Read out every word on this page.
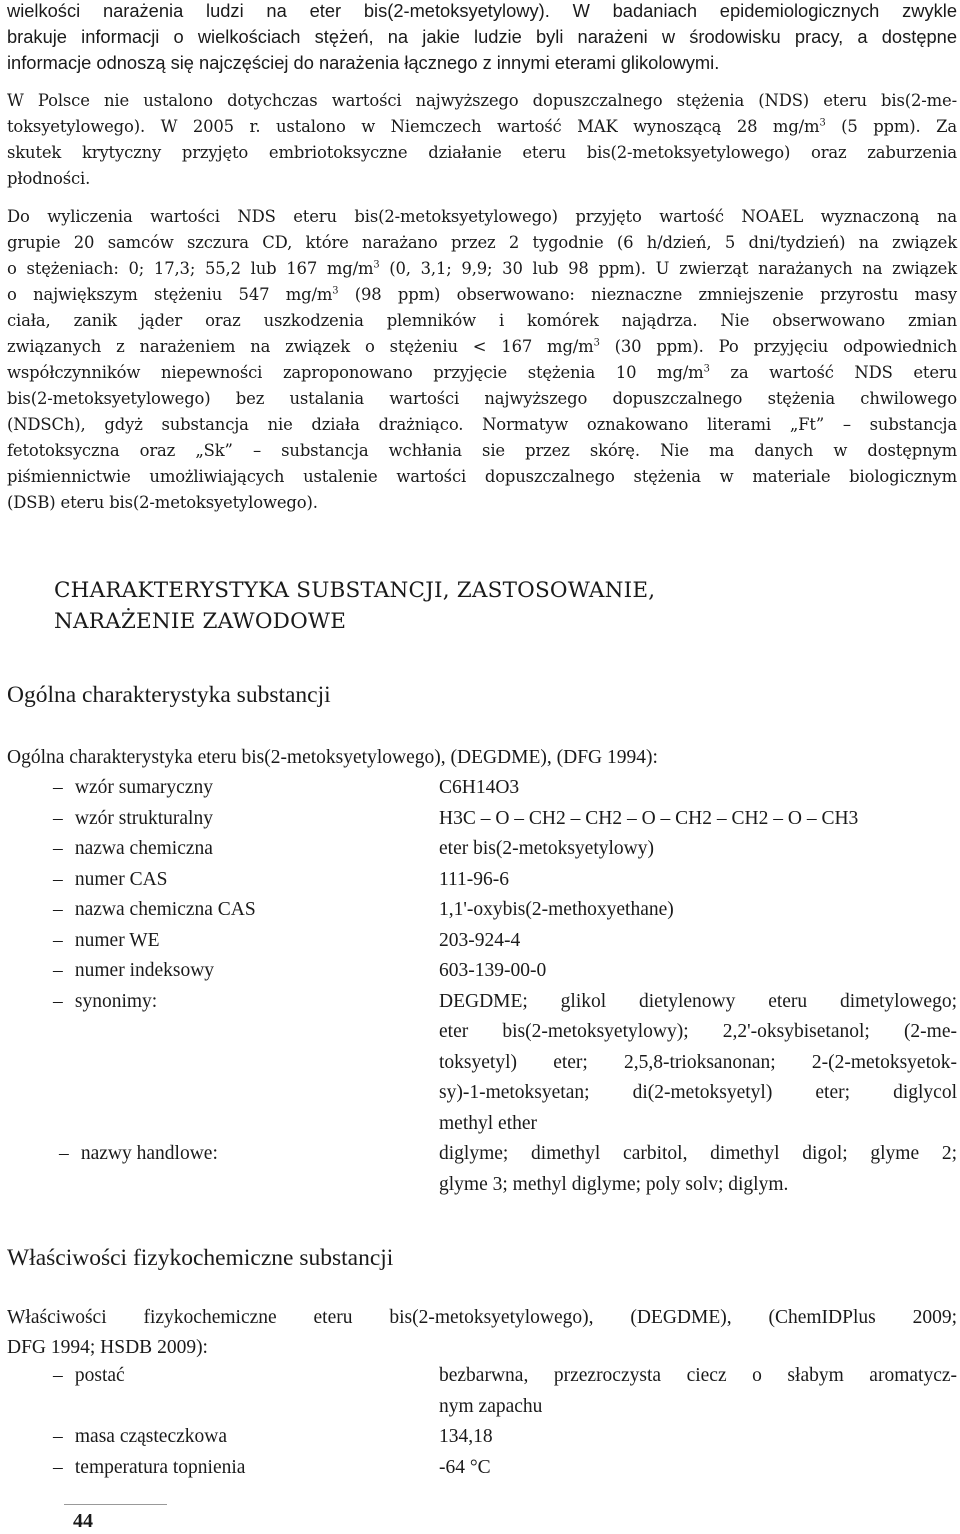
wielkości narażenia ludzi na eter bis(2-metoksyetylowy). W badaniach epidemiologicznych zwykle

brakuje informacji o wielkościach stężeń, na jakie ludzie byli narażeni w środowisku pracy, a dostępne

informacje odnoszą się najczęściej do narażenia łącznego z innymi eterami glikolowymi.

W Polsce nie ustalono dotychczas wartości najwyższego dopuszczalnego stężenia (NDS) eteru bis(2-me-

toksyetylowego). W 2005 r. ustalono w Niemczech wartość MAK wynoszącą 28 $mg/m^3$ (5 ppm). Za

skutek krytyczny przyjęto embriotoksyczne działanie eteru bis(2-metoksyetylowego) oraz zaburzenia

płodności.

Do wyliczenia wartości NDS eteru bis(2-metoksyetylowego) przyjęto wartość NOAEL wyznaczoną na

grupie 20 samców szczura CD, które narażano przez 2 tygodnie (6 h/dzień, 5 dni/tydzień) na związek

o stężeniach: 0; 17,3; 55,2 lub 167 $mg/m^3$ (0, 3,1; 9,9; 30 lub 98 ppm). U zwierząt narażanych na związek

o największym stężeniu 547 $mg/m^3$ (98 ppm) obserwowano: nieznaczne zmniejszenie przyrostu masy

ciała, zanik jąder oraz uszkodzenia plemników i komórek najądrza. Nie obserwowano zmian

związanych z narażeniem na związek o stężeniu < 167 $mg/m^3$ (30 ppm). Po przyjęciu odpowiednich

współczynników niepewności zaproponowano przyjęcie stężenia 10 $mg/m^3$ za wartość NDS eteru

bis(2-metoksyetylowego) bez ustalania wartości najwyższego dopuszczalnego stężenia chwilowego

(NDSCh), gdyż substancja nie działa drażniąco. Normatyw oznakowano literami „Ft” – substancja

fetotoksyczna oraz „Sk” – substancja wchłania sie przez skórę. Nie ma danych w dostępnym

piśmiennictwie umożliwiających ustalenie wartości dopuszczalnego stężenia w materiale biologicznym

(DSB) eteru bis(2-metoksyetylowego).

CHARAKTERYSTYKA SUBSTANCJI, ZASTOSOWANIE,
NARAŻENIE ZAWODOWE
Ogólna charakterystyka substancji

Ogólna charakterystyka eteru bis(2-metoksyetylowego), (DEGDME), (DFG 1994):

– wzór sumaryczny	C6H14O3
– wzór strukturalny	H3C – O – CH2 – CH2 – O – CH2 – CH2 – O – CH3
– nazwa chemiczna	eter bis(2-metoksyetylowy)
– numer CAS	111-96-6
– nazwa chemiczna CAS	1,1'-oxybis(2-methoxyethane)
– numer WE	203-924-4
– numer indeksowy	603-139-00-0
– synonimy:	DEGDME; glikol dietylenowy eteru dimetylowego;
eter bis(2-metoksyetylowy); 2,2'-oksybisetanol; (2-me-
toksyetyl) eter; 2,5,8-trioksanonan; 2-(2-metoksyetok-
sy)-1-metoksyetan; di(2-metoksyetyl) eter; diglycol
methyl ether
– nazwy handlowe:	diglyme; dimethyl carbitol, dimethyl digol; glyme 2;
glyme 3; methyl diglyme; poly solv; diglym.
Właściwości fizykochemiczne substancji

Właściwości fizykochemiczne eteru bis(2-metoksyetylowego), (DEGDME), (ChemIDPlus 2009;

DFG 1994; HSDB 2009):

– postać	bezbarwna, przezroczysta ciecz o słabym aromatycz-
nym zapachu
– masa cząsteczkowa	134,18
– temperatura topnienia	-64 °C
44
